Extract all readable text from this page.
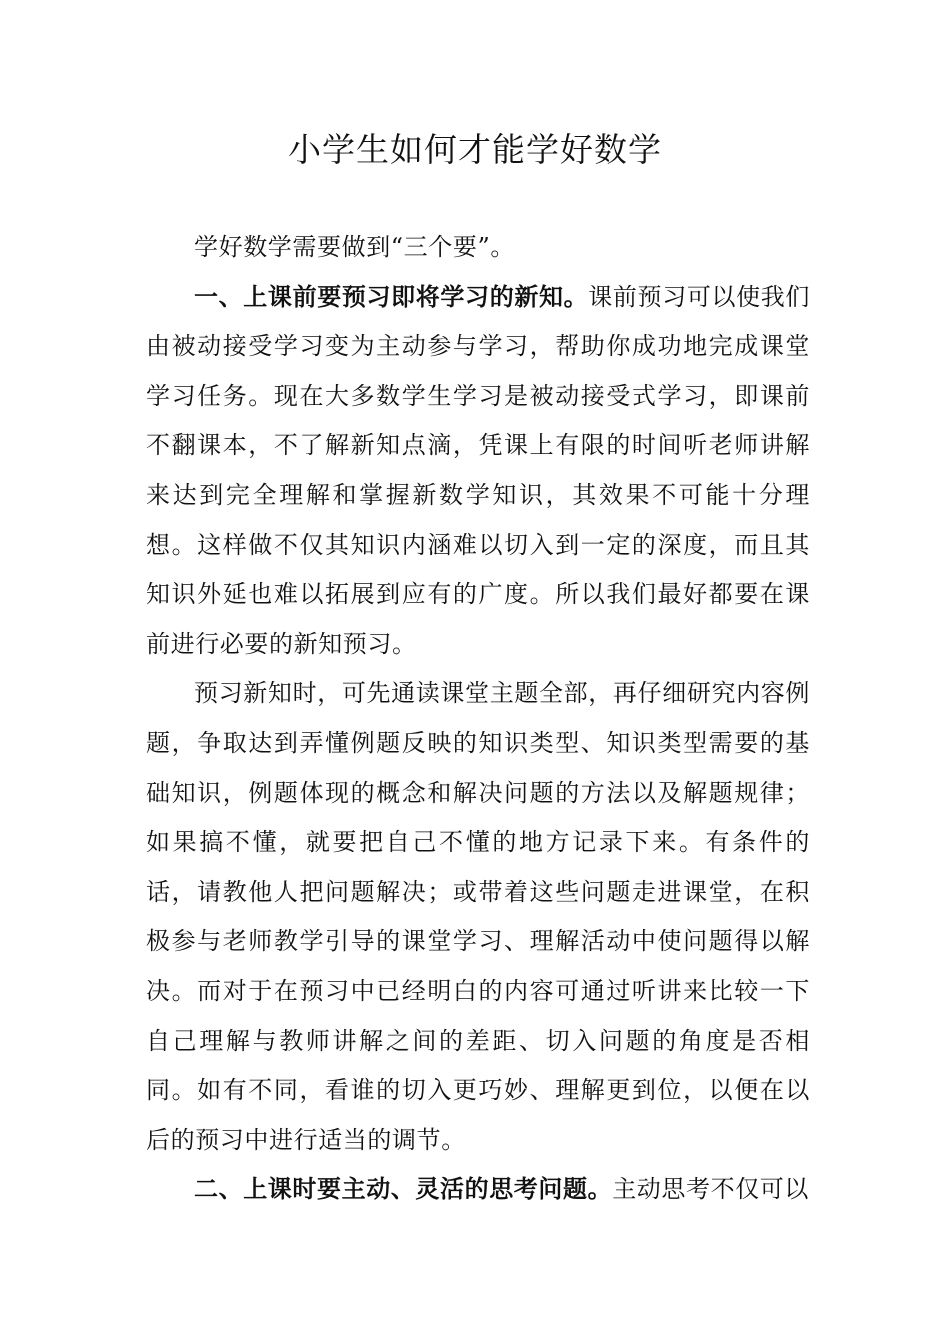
小学生如何才能学好数学

学好数学需要做到“三个要”。

一、上课前要预习即将学习的新知。课前预习可以使我们由被动接受学习变为主动参与学习，帮助你成功地完成课堂学习任务。现在大多数学生学习是被动接受式学习，即课前不翻课本，不了解新知点滴，凭课上有限的时间听老师讲解来达到完全理解和掌握新数学知识，其效果不可能十分理想。这样做不仅其知识内涵难以切入到一定的深度，而且其知识外延也难以拓展到应有的广度。所以我们最好都要在课前进行必要的新知预习。

预习新知时，可先通读课堂主题全部，再仔细研究内容例题，争取达到弄懂例题反映的知识类型、知识类型需要的基础知识，例题体现的概念和解决问题的方法以及解题规律；如果搞不懂，就要把自己不懂的地方记录下来。有条件的话，请教他人把问题解决；或带着这些问题走进课堂，在积极参与老师教学引导的课堂学习、理解活动中使问题得以解决。而对于在预习中已经明白的内容可通过听讲来比较一下自己理解与教师讲解之间的差距、切入问题的角度是否相同。如有不同，看谁的切入更巧妙、理解更到位，以便在以后的预习中进行适当的调节。

二、上课时要主动、灵活的思考问题。主动思考不仅可以
